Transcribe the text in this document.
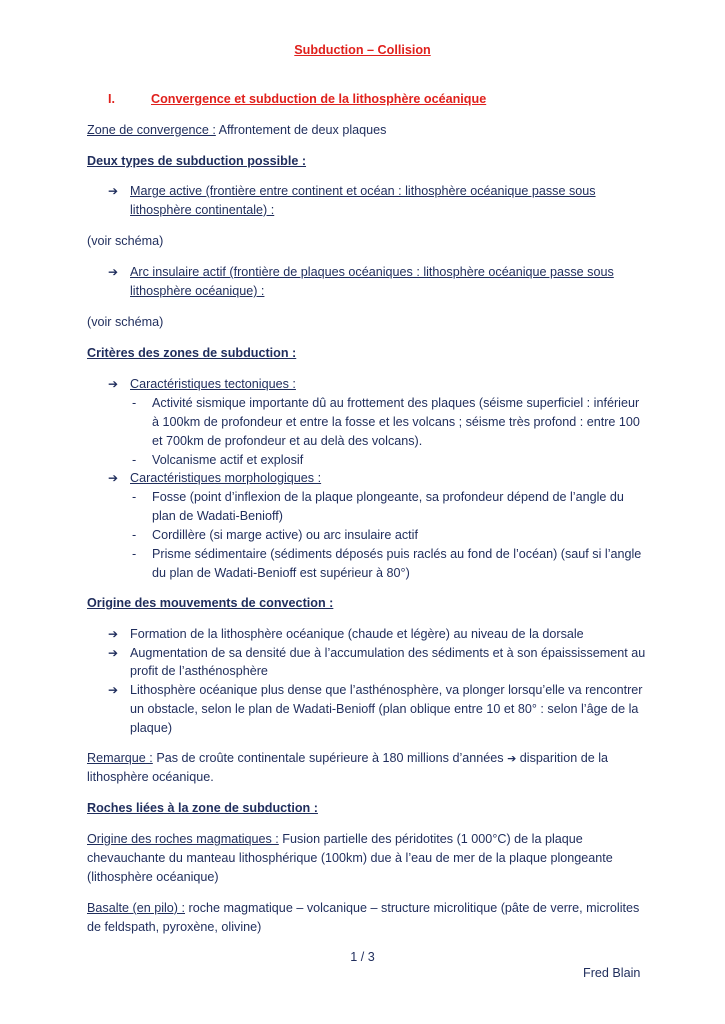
Subduction – Collision
I.	Convergence et subduction de la lithosphère océanique
Zone de convergence : Affrontement de deux plaques
Deux types de subduction possible :
➔ Marge active (frontière entre continent et océan : lithosphère océanique passe sous
lithosphère continentale) :
(voir schéma)
➔ Arc insulaire actif (frontière de plaques océaniques : lithosphère océanique passe sous
lithosphère océanique) :
(voir schéma)
Critères des zones de subduction :
➔ Caractéristiques tectoniques :
- Activité sismique importante dû au frottement des plaques (séisme superficiel : inférieur
à 100km de profondeur et entre la fosse et les volcans ; séisme très profond : entre 100
et 700km de profondeur et au delà des volcans).
- Volcanisme actif et explosif
➔ Caractéristiques morphologiques :
- Fosse (point d’inflexion de la plaque plongeante, sa profondeur dépend de l’angle du
plan de Wadati-Benioff)
- Cordillère (si marge active) ou arc insulaire actif
- Prisme sédimentaire (sédiments déposés puis raclés au fond de l’océan) (sauf si l’angle
du plan de Wadati-Benioff est supérieur à 80°)
Origine des mouvements de convection :
➔ Formation de la lithosphère océanique (chaude et légère) au niveau de la dorsale
➔ Augmentation de sa densité due à l’accumulation des sédiments et à son épaississement au
profit de l’asthénosphère
➔ Lithosphère océanique plus dense que l’asthénosphère, va plonger lorsqu’elle va rencontrer
un obstacle, selon le plan de Wadati-Benioff (plan oblique entre 10 et 80° : selon l’âge de la
plaque)
Remarque : Pas de croûte continentale supérieure à 180 millions d’années ➔ disparition de la
lithosphère océanique.
Roches liées à la zone de subduction :
Origine des roches magmatiques : Fusion partielle des péridotites (1 000°C) de la plaque
chevauchante du manteau lithosphérique (100km) due à l’eau de mer de la plaque plongeante
(lithosphère océanique)
Basalte (en pilo) : roche magmatique – volcanique – structure microlitique (pâte de verre, microlites
de feldspath, pyroxène, olivine)
1 / 3
Fred Blain
